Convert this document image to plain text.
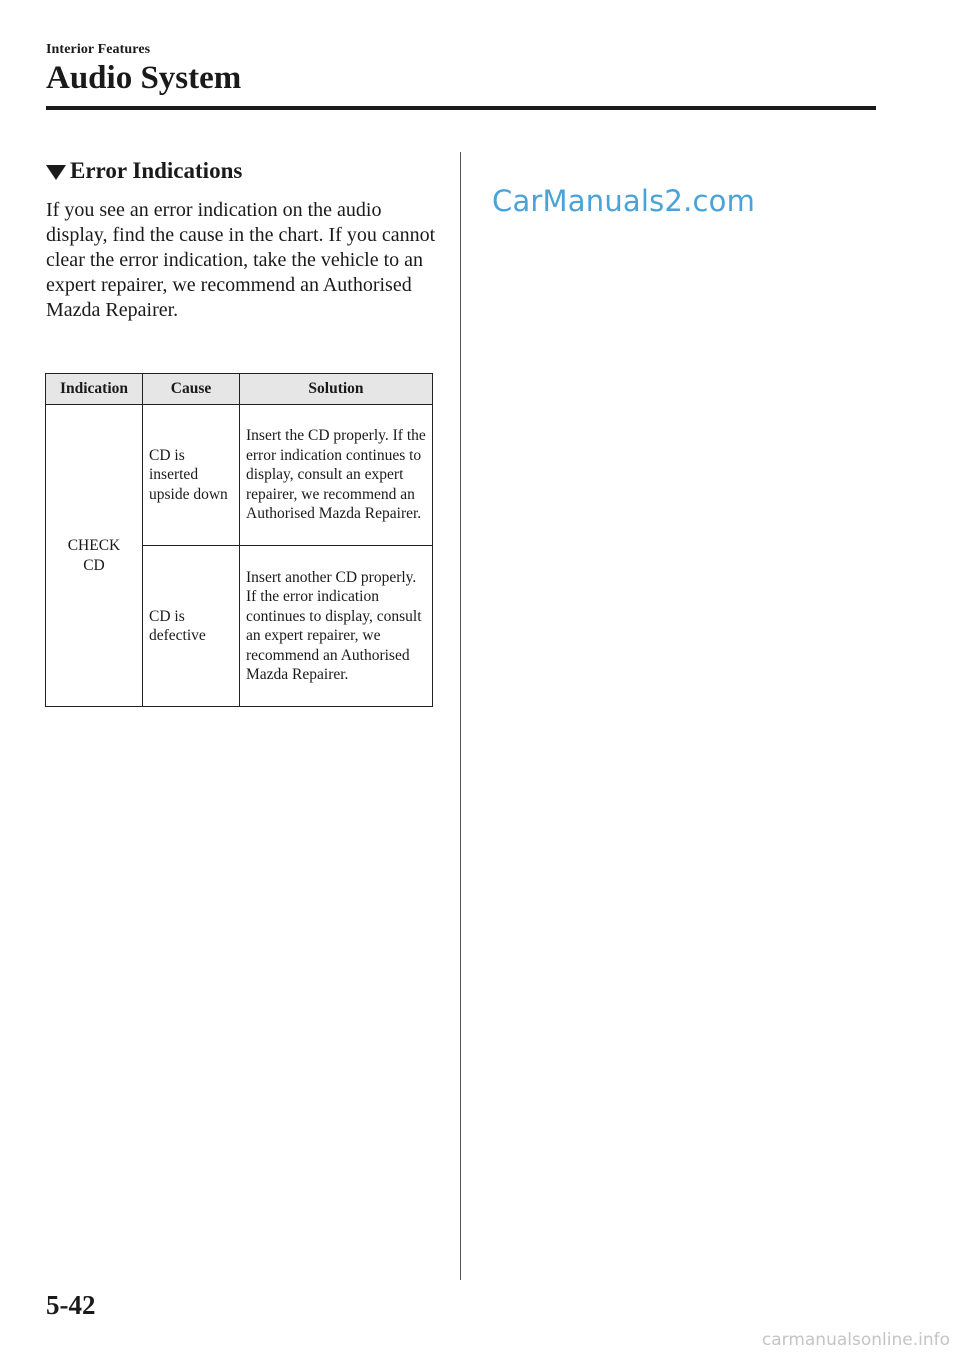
Interior Features
Audio System
Error Indications

If you see an error indication on the audio display, find the cause in the chart. If you cannot clear the error indication, take the vehicle to an expert repairer, we recommend an Authorised Mazda Repairer.

Indication	Cause	Solution
CHECK CD	CD is inserted upside down	Insert the CD properly. If the error indication continues to display, consult an expert repairer, we recommend an Authorised Mazda Repairer.
	CD is defective	Insert another CD properly. If the error indication continues to display, consult an expert repairer, we recommend an Authorised Mazda Repairer.
CarManuals2.com
5-42
carmanualsonline.info
